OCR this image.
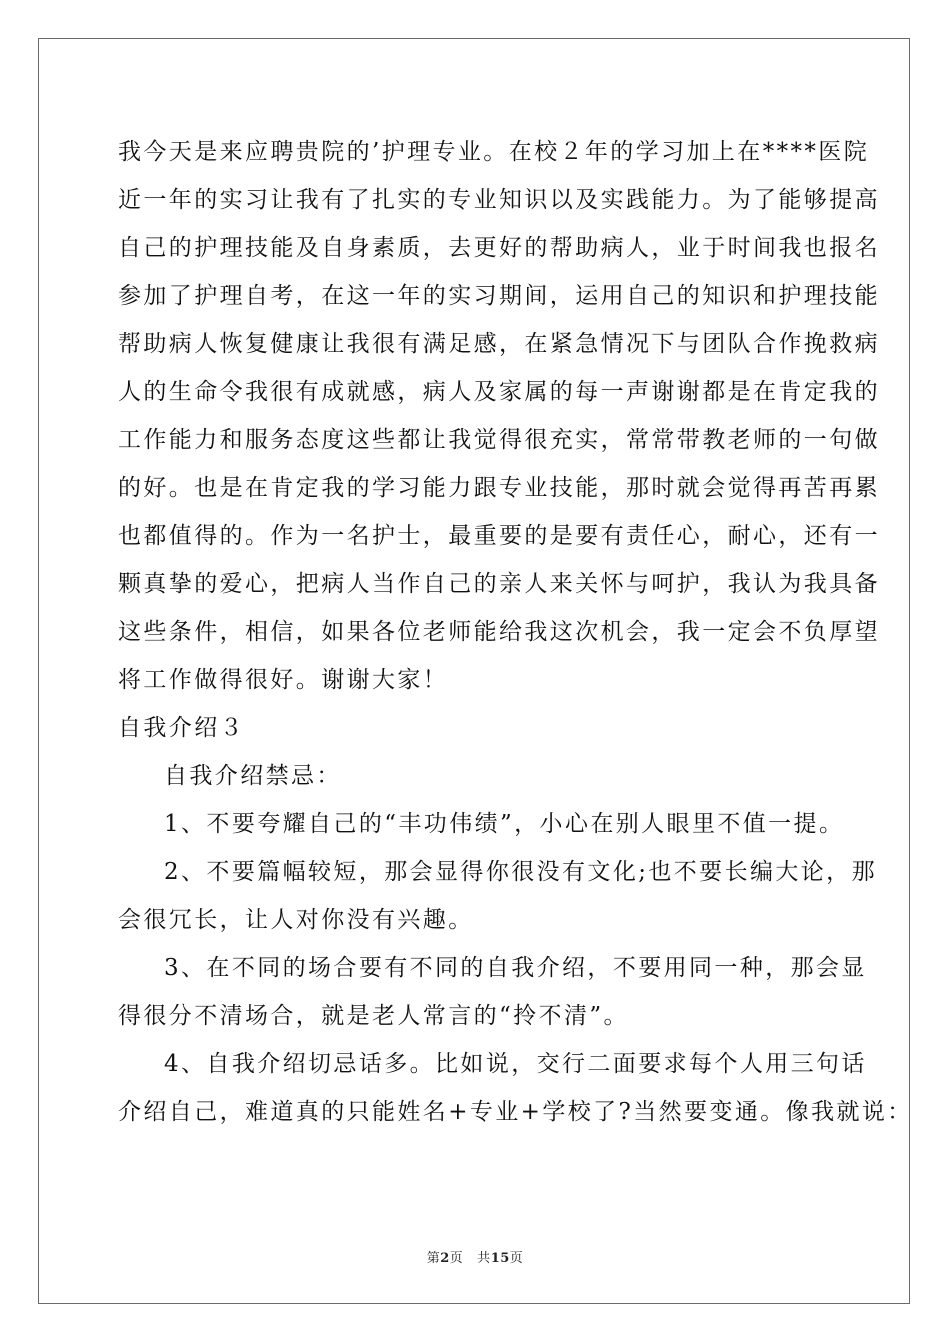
我今天是来应聘贵院的’护理专业。在校２年的学习加上在****医院
近一年的实习让我有了扎实的专业知识以及实践能力。为了能够提高
自己的护理技能及自身素质，去更好的帮助病人，业于时间我也报名
参加了护理自考，在这一年的实习期间，运用自己的知识和护理技能
帮助病人恢复健康让我很有满足感，在紧急情况下与团队合作挽救病
人的生命令我很有成就感，病人及家属的每一声谢谢都是在肯定我的
工作能力和服务态度这些都让我觉得很充实，常常带教老师的一句做
的好。也是在肯定我的学习能力跟专业技能，那时就会觉得再苦再累
也都值得的。作为一名护士，最重要的是要有责任心，耐心，还有一
颗真挚的爱心，把病人当作自己的亲人来关怀与呵护，我认为我具备
这些条件，相信，如果各位老师能给我这次机会，我一定会不负厚望
将工作做得很好。谢谢大家！
自我介绍３
自我介绍禁忌：
1、不要夸耀自己的“丰功伟绩”，小心在别人眼里不值一提。
2、不要篇幅较短，那会显得你很没有文化;也不要长编大论，那
会很冗长，让人对你没有兴趣。
3、在不同的场合要有不同的自我介绍，不要用同一种，那会显
得很分不清场合，就是老人常言的“拎不清”。
4、自我介绍切忌话多。比如说，交行二面要求每个人用三句话
介绍自己，难道真的只能姓名+专业+学校了?当然要变通。像我就说：
第2页 共15页
